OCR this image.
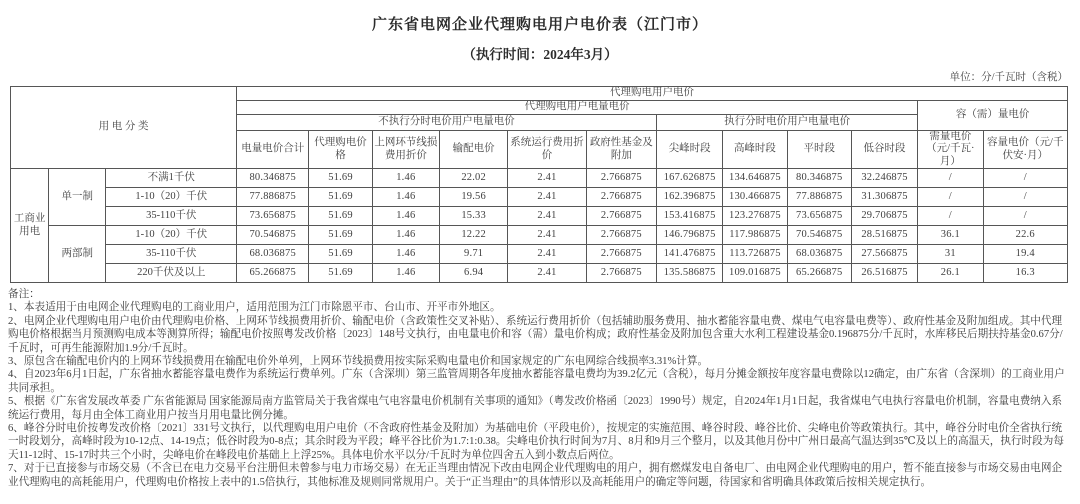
广东省电网企业代理购电用户电价表（江门市）
（执行时间：2024年3月）
单位：分/千瓦时（含税）
用 电 分 类			代理购电用户电价											
			代理购电用户电量电价										容（需）量电价	
			不执行分时电价用户电量电价						执行分时电价用户电量电价					
			电量电价合计	代理购电价格	上网环节线损费用折价	输配电价	系统运行费用折价	政府性基金及附加	尖峰时段	高峰时段	平时段	低谷时段	需量电价（元/千瓦·月）	容量电价（元/千伏安·月）
工商业用电	单一制	不满1千伏	80.346875	51.69	1.46	22.02	2.41	2.766875	167.626875	134.646875	80.346875	32.246875	/	/
		1-10（20）千伏	77.886875	51.69	1.46	19.56	2.41	2.766875	162.396875	130.466875	77.886875	31.306875	/	/
		35-110千伏	73.656875	51.69	1.46	15.33	2.41	2.766875	153.416875	123.276875	73.656875	29.706875	/	/
	两部制	1-10（20）千伏	70.546875	51.69	1.46	12.22	2.41	2.766875	146.796875	117.986875	70.546875	28.516875	36.1	22.6
		35-110千伏	68.036875	51.69	1.46	9.71	2.41	2.766875	141.476875	113.726875	68.036875	27.566875	31	19.4
		220千伏及以上	65.266875	51.69	1.46	6.94	2.41	2.766875	135.586875	109.016875	65.266875	26.516875	26.1	16.3

备注：

1、本表适用于由电网企业代理购电的工商业用户，适用范围为江门市除恩平市、台山市、开平市外地区。

2、电网企业代理购电用户电价由代理购电价格、上网环节线损费用折价、输配电价（含政策性交叉补贴）、系统运行费用折价（包括辅助服务费用、抽水蓄能容量电费、煤电气电容量电费等）、政府性基金及附加组成。其中代理购电价格根据当月预测购电成本等测算所得；输配电价按照粤发改价格〔2023〕148号文执行，由电量电价和容（需）量电价构成；政府性基金及附加包含重大水利工程建设基金0.196875分/千瓦时，水库移民后期扶持基金0.67分/千瓦时，可再生能源附加1.9分/千瓦时。

3、原包含在输配电价内的上网环节线损费用在输配电价外单列，上网环节线损费用按实际采购电量电价和国家规定的广东电网综合线损率3.31%计算。

4、自2023年6月1日起，广东省抽水蓄能容量电费作为系统运行费单列。广东（含深圳）第三监管周期各年度抽水蓄能容量电费均为39.2亿元（含税），每月分摊金额按年度容量电费除以12确定，由广东省（含深圳）的工商业用户共同承担。

5、根据《广东省发展改革委 广东省能源局 国家能源局南方监管局关于我省煤电气电容量电价机制有关事项的通知》（粤发改价格函〔2023〕1990号）规定，自2024年1月1日起，我省煤电气电执行容量电价机制，容量电费纳入系统运行费用，每月由全体工商业用户按当月用电量比例分摊。

6、峰谷分时电价按粤发改价格〔2021〕331号文执行，以代理购电用户电价（不含政府性基金及附加）为基础电价（平段电价），按规定的实施范围、峰谷时段、峰谷比价、尖峰电价等政策执行。其中，峰谷分时电价全省执行统一时段划分，高峰时段为10-12点、14-19点；低谷时段为0-8点；其余时段为平段；峰平谷比价为1.7:1:0.38。尖峰电价执行时间为7月、8月和9月三个整月，以及其他月份中广州日最高气温达到35℃及以上的高温天，执行时段为每天11-12时、15-17时共三个小时，尖峰电价在峰段电价基础上上浮25%。具体电价水平以分/千瓦时为单位四舍五入到小数点后两位。

7、对于已直接参与市场交易（不含已在电力交易平台注册但未曾参与电力市场交易）在无正当理由情况下改由电网企业代理购电的用户，拥有燃煤发电自备电厂、由电网企业代理购电的用户，暂不能直接参与市场交易由电网企业代理购电的高耗能用户，代理购电价格按上表中的1.5倍执行，其他标准及规则同常规用户。关于“正当理由”的具体情形以及高耗能用户的确定等问题，待国家和省明确具体政策后按相关规定执行。
